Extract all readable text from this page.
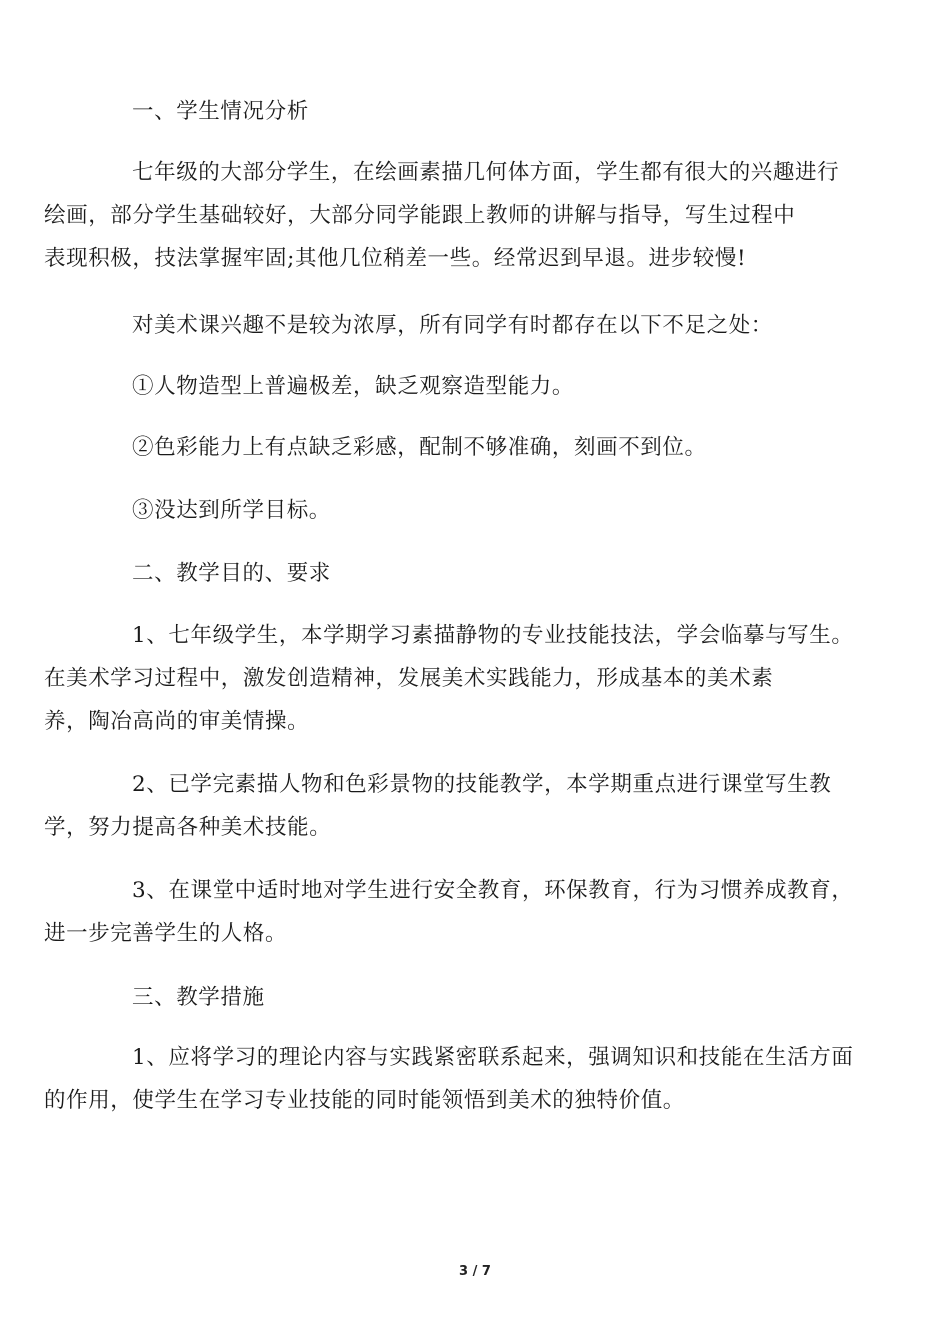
一、学生情况分析

七年级的大部分学生，在绘画素描几何体方面，学生都有很大的兴趣进行
绘画，部分学生基础较好，大部分同学能跟上教师的讲解与指导，写生过程中
表现积极，技法掌握牢固;其他几位稍差一些。经常迟到早退。进步较慢!

对美术课兴趣不是较为浓厚，所有同学有时都存在以下不足之处：

①人物造型上普遍极差，缺乏观察造型能力。

②色彩能力上有点缺乏彩感，配制不够准确，刻画不到位。

③没达到所学目标。

二、教学目的、要求

1、七年级学生，本学期学习素描静物的专业技能技法，学会临摹与写生。
在美术学习过程中，激发创造精神，发展美术实践能力，形成基本的美术素
养，陶冶高尚的审美情操。

2、已学完素描人物和色彩景物的技能教学，本学期重点进行课堂写生教
学，努力提高各种美术技能。

3、在课堂中适时地对学生进行安全教育，环保教育，行为习惯养成教育，
进一步完善学生的人格。

三、教学措施

1、应将学习的理论内容与实践紧密联系起来，强调知识和技能在生活方面
的作用，使学生在学习专业技能的同时能领悟到美术的独特价值。

3 / 7
